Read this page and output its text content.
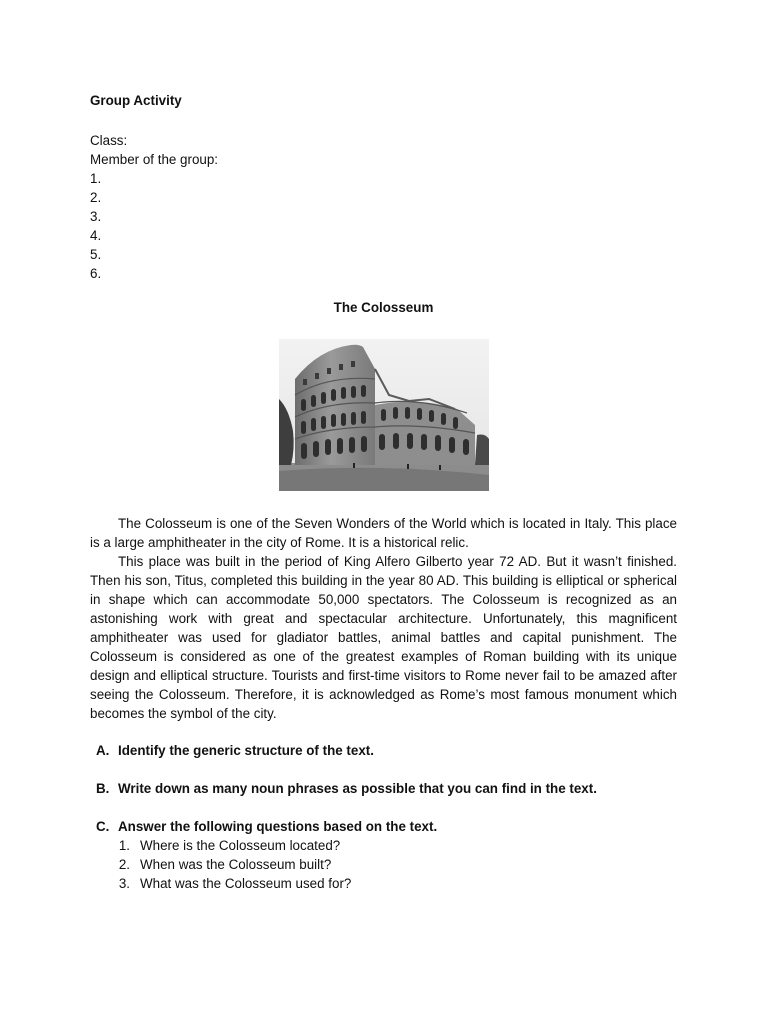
Group Activity
Class:
Member of the group:
1.
2.
3.
4.
5.
6.
The Colosseum

The Colosseum is one of the Seven Wonders of the World which is located in Italy. This place is a large amphitheater in the city of Rome. It is a historical relic.

This place was built in the period of King Alfero Gilberto year 72 AD. But it wasn’t finished. Then his son, Titus, completed this building in the year 80 AD. This building is elliptical or spherical in shape which can accommodate 50,000 spectators. The Colosseum is recognized as an astonishing work with great and spectacular architecture. Unfortunately, this magnificent amphitheater was used for gladiator battles, animal battles and capital punishment. The Colosseum is considered as one of the greatest examples of Roman building with its unique design and elliptical structure. Tourists and first-time visitors to Rome never fail to be amazed after seeing the Colosseum. Therefore, it is acknowledged as Rome’s most famous monument which becomes the symbol of the city.

A. Identify the generic structure of the text.
B. Write down as many noun phrases as possible that you can find in the text.
C. Answer the following questions based on the text.
1. Where is the Colosseum located?
2. When was the Colosseum built?
3. What was the Colosseum used for?
